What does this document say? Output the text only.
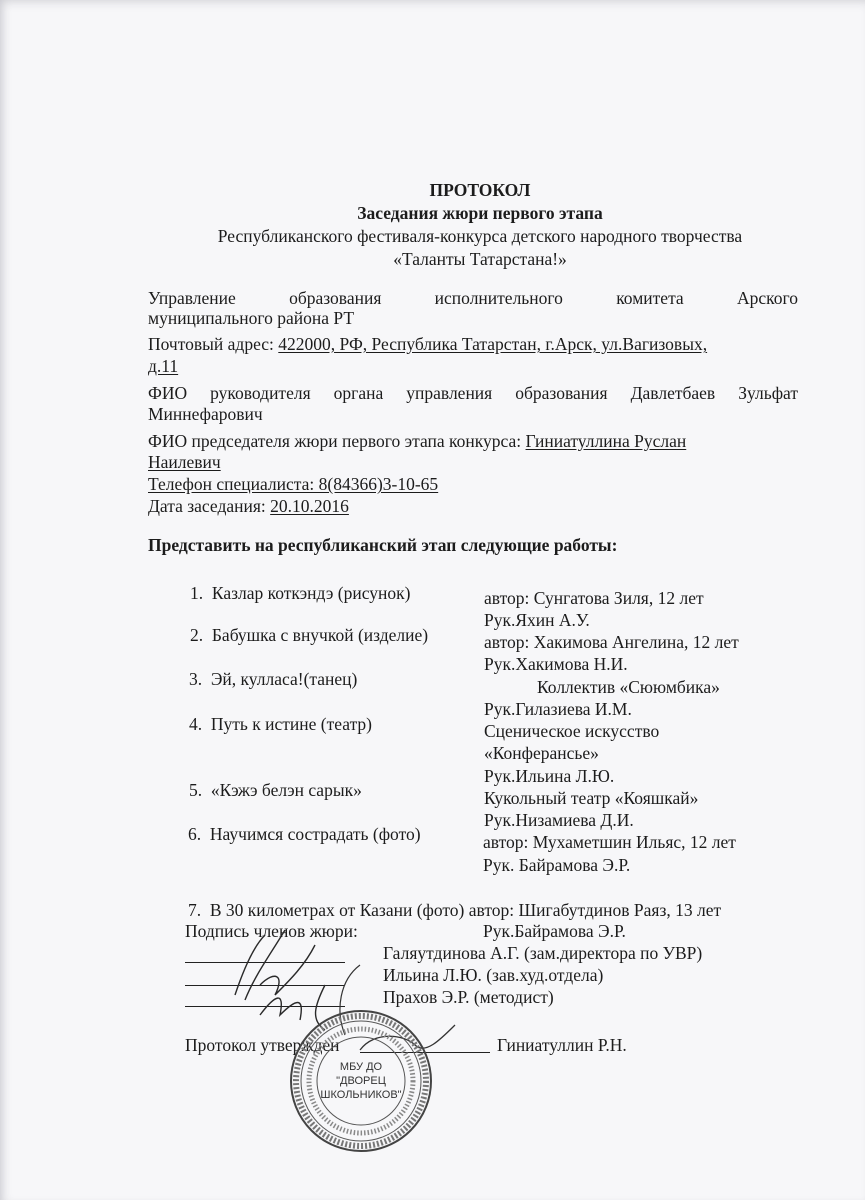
ПРОТОКОЛ
Заседания жюри первого этапа
Республиканского фестиваля-конкурса детского народного творчества
«Таланты Татарстана!»
Управление	образования	исполнительного	комитета	Арского
муниципального района РТ
Почтовый адрес: 422000, РФ, Республика Татарстан, г.Арск, ул.Вагизовых,
д.11
ФИО руководителя органа управления образования Давлетбаев Зульфат
Миннефарович
ФИО председателя жюри первого этапа конкурса: Гиниатуллина Руслан
Наилевич
Телефон специалиста: 8(84366)3-10-65
Дата заседания: 20.10.2016
Представить на республиканский этап следующие работы:
1. Казлар коткэндэ (рисунок)	автор: Сунгатова Зиля, 12 лет
Рук.Яхин А.У.
2. Бабушка с внучкой (изделие)	автор: Хакимова Ангелина, 12 лет
Рук.Хакимова Н.И.
3. Эй, кулласа!(танец)	Коллектив «Сююмбика»
Рук.Гилазиева И.М.
4. Путь к истине (театр)	Сценическое искусство
«Конферансье»
Рук.Ильина Л.Ю.
5. «Кэжэ белэн сарык»	Кукольный театр «Кояшкай»
Рук.Низамиева Д.И.
6. Научимся сострадать (фото)	автор: Мухаметшин Ильяс, 12 лет
Рук. Байрамова Э.Р.
7. В 30 километрах от Казани (фото) автор: Шигабутдинов Раяз, 13 лет
Рук.Байрамова Э.Р.
Подпись членов жюри:
Галяутдинова А.Г. (зам.директора по УВР)
Ильина Л.Ю. (зав.худ.отдела)
Прахов Э.Р. (методист)
Протокол утвержден	Гиниатуллин Р.Н.
МБУ ДО
"ДВОРЕЦ
ШКОЛЬНИКОВ"
